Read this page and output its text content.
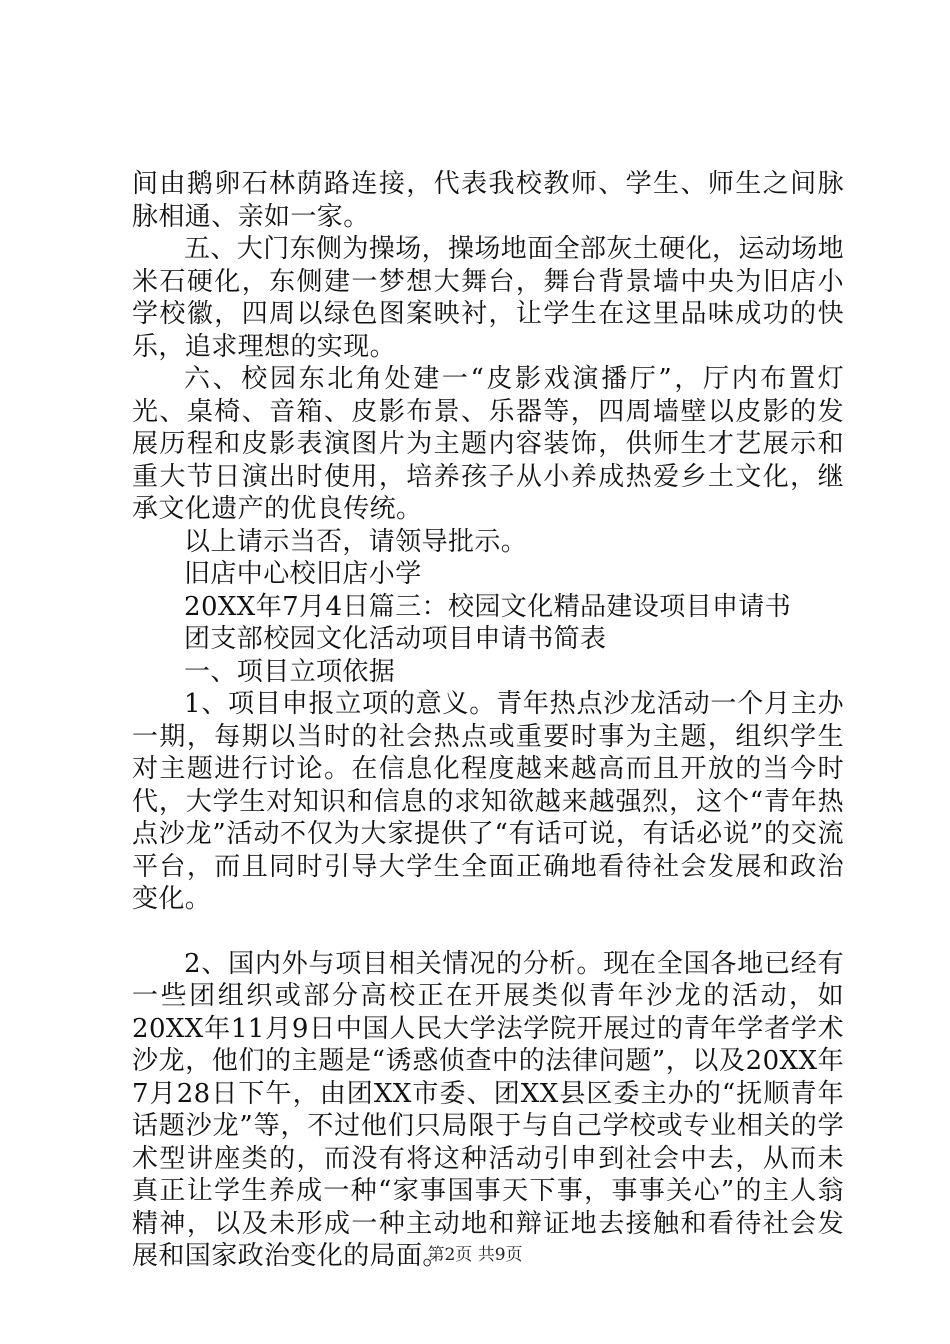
间由鹅卵石林荫路连接，代表我校教师、学生、师生之间脉脉相通、亲如一家。

五、大门东侧为操场，操场地面全部灰土硬化，运动场地米石硬化，东侧建一梦想大舞台，舞台背景墙中央为旧店小学校徽，四周以绿色图案映衬，让学生在这里品味成功的快乐，追求理想的实现。

六、校园东北角处建一“皮影戏演播厅”，厅内布置灯光、桌椅、音箱、皮影布景、乐器等，四周墙壁以皮影的发展历程和皮影表演图片为主题内容装饰，供师生才艺展示和重大节日演出时使用，培养孩子从小养成热爱乡土文化，继承文化遗产的优良传统。

以上请示当否，请领导批示。

旧店中心校旧店小学

20XX年7月4日篇三：校园文化精品建设项目申请书

团支部校园文化活动项目申请书简表

一、项目立项依据

1、项目申报立项的意义。青年热点沙龙活动一个月主办一期，每期以当时的社会热点或重要时事为主题，组织学生对主题进行讨论。在信息化程度越来越高而且开放的当今时代，大学生对知识和信息的求知欲越来越强烈，这个“青年热点沙龙”活动不仅为大家提供了“有话可说，有话必说”的交流平台，而且同时引导大学生全面正确地看待社会发展和政治变化。

2、国内外与项目相关情况的分析。现在全国各地已经有一些团组织或部分高校正在开展类似青年沙龙的活动，如20XX年11月9日中国人民大学法学院开展过的青年学者学术沙龙，他们的主题是“诱惑侦查中的法律问题”，以及20XX年7月28日下午，由团XX市委、团XX县区委主办的“抚顺青年话题沙龙”等，不过他们只局限于与自己学校或专业相关的学术型讲座类的，而没有将这种活动引申到社会中去，从而未真正让学生养成一种“家事国事天下事，事事关心”的主人翁精神，以及未形成一种主动地和辩证地去接触和看待社会发展和国家政治变化的局面。

第2页 共9页
